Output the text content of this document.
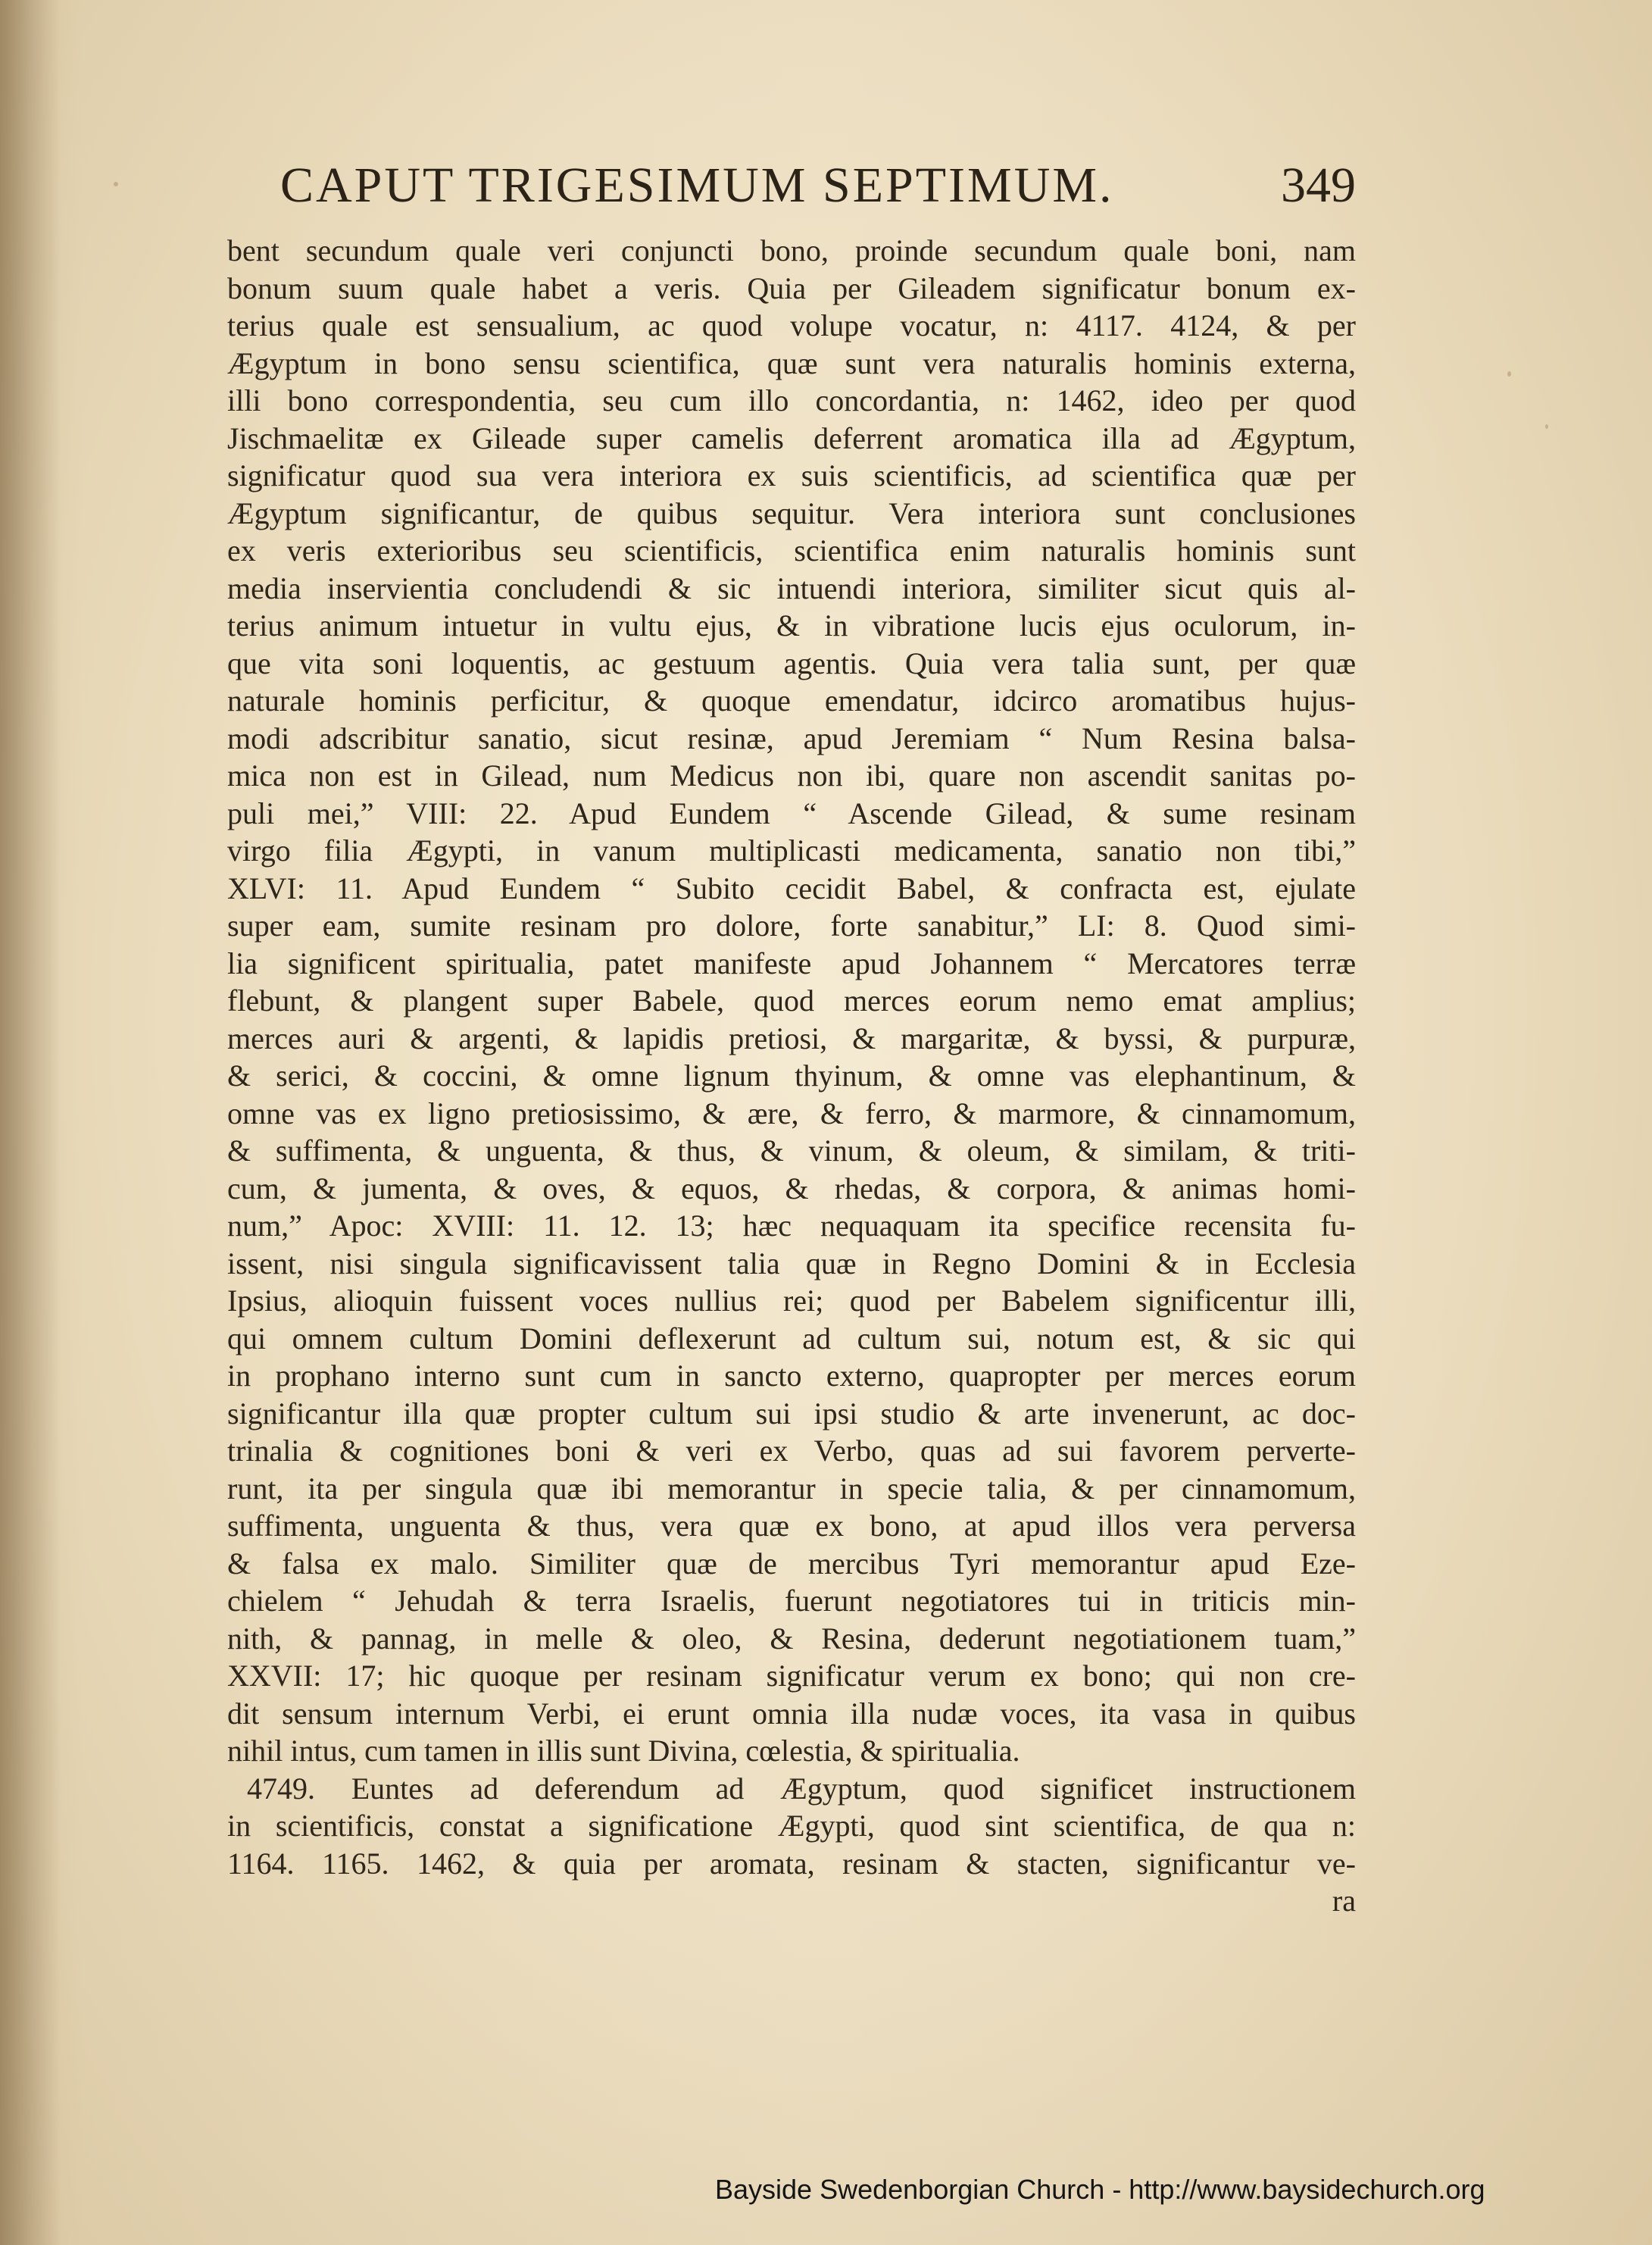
CAPUT TRIGESIMUM SEPTIMUM.	349
bent secundum quale veri conjuncti bono, proinde secundum quale boni, nam
bonum suum quale habet a veris. Quia per Gileadem significatur bonum ex-
terius quale est sensualium, ac quod volupe vocatur, n: 4117. 4124, & per
Ægyptum in bono sensu scientifica, quæ sunt vera naturalis hominis externa,
illi bono correspondentia, seu cum illo concordantia, n: 1462, ideo per quod
Jischmaelitæ ex Gileade super camelis deferrent aromatica illa ad Ægyptum,
significatur quod sua vera interiora ex suis scientificis, ad scientifica quæ per
Ægyptum significantur, de quibus sequitur. Vera interiora sunt conclusiones
ex veris exterioribus seu scientificis, scientifica enim naturalis hominis sunt
media inservientia concludendi & sic intuendi interiora, similiter sicut quis al-
terius animum intuetur in vultu ejus, & in vibratione lucis ejus oculorum, in-
que vita soni loquentis, ac gestuum agentis. Quia vera talia sunt, per quæ
naturale hominis perficitur, & quoque emendatur, idcirco aromatibus hujus-
modi adscribitur sanatio, sicut resinæ, apud Jeremiam “ Num Resina balsa-
mica non est in Gilead, num Medicus non ibi, quare non ascendit sanitas po-
puli mei,” VIII: 22. Apud Eundem “ Ascende Gilead, & sume resinam
virgo filia Ægypti, in vanum multiplicasti medicamenta, sanatio non tibi,”
XLVI: 11. Apud Eundem “ Subito cecidit Babel, & confracta est, ejulate
super eam, sumite resinam pro dolore, forte sanabitur,” LI: 8. Quod simi-
lia significent spiritualia, patet manifeste apud Johannem “ Mercatores terræ
flebunt, & plangent super Babele, quod merces eorum nemo emat amplius;
merces auri & argenti, & lapidis pretiosi, & margaritæ, & byssi, & purpuræ,
& serici, & coccini, & omne lignum thyinum, & omne vas elephantinum, &
omne vas ex ligno pretiosissimo, & ære, & ferro, & marmore, & cinnamomum,
& suffimenta, & unguenta, & thus, & vinum, & oleum, & similam, & triti-
cum, & jumenta, & oves, & equos, & rhedas, & corpora, & animas homi-
num,” Apoc: XVIII: 11. 12. 13; hæc nequaquam ita specifice recensita fu-
issent, nisi singula significavissent talia quæ in Regno Domini & in Ecclesia
Ipsius, alioquin fuissent voces nullius rei; quod per Babelem significentur illi,
qui omnem cultum Domini deflexerunt ad cultum sui, notum est, & sic qui
in prophano interno sunt cum in sancto externo, quapropter per merces eorum
significantur illa quæ propter cultum sui ipsi studio & arte invenerunt, ac doc-
trinalia & cognitiones boni & veri ex Verbo, quas ad sui favorem perverte-
runt, ita per singula quæ ibi memorantur in specie talia, & per cinnamomum,
suffimenta, unguenta & thus, vera quæ ex bono, at apud illos vera perversa
& falsa ex malo. Similiter quæ de mercibus Tyri memorantur apud Eze-
chielem “ Jehudah & terra Israelis, fuerunt negotiatores tui in triticis min-
nith, & pannag, in melle & oleo, & Resina, dederunt negotiationem tuam,”
XXVII: 17; hic quoque per resinam significatur verum ex bono; qui non cre-
dit sensum internum Verbi, ei erunt omnia illa nudæ voces, ita vasa in quibus
nihil intus, cum tamen in illis sunt Divina, cœlestia, & spiritualia.
4749. Euntes ad deferendum ad Ægyptum, quod significet instructionem
in scientificis, constat a significatione Ægypti, quod sint scientifica, de qua n:
1164. 1165. 1462, & quia per aromata, resinam & stacten, significantur ve-
ra
Bayside Swedenborgian Church - http://www.baysidechurch.org
